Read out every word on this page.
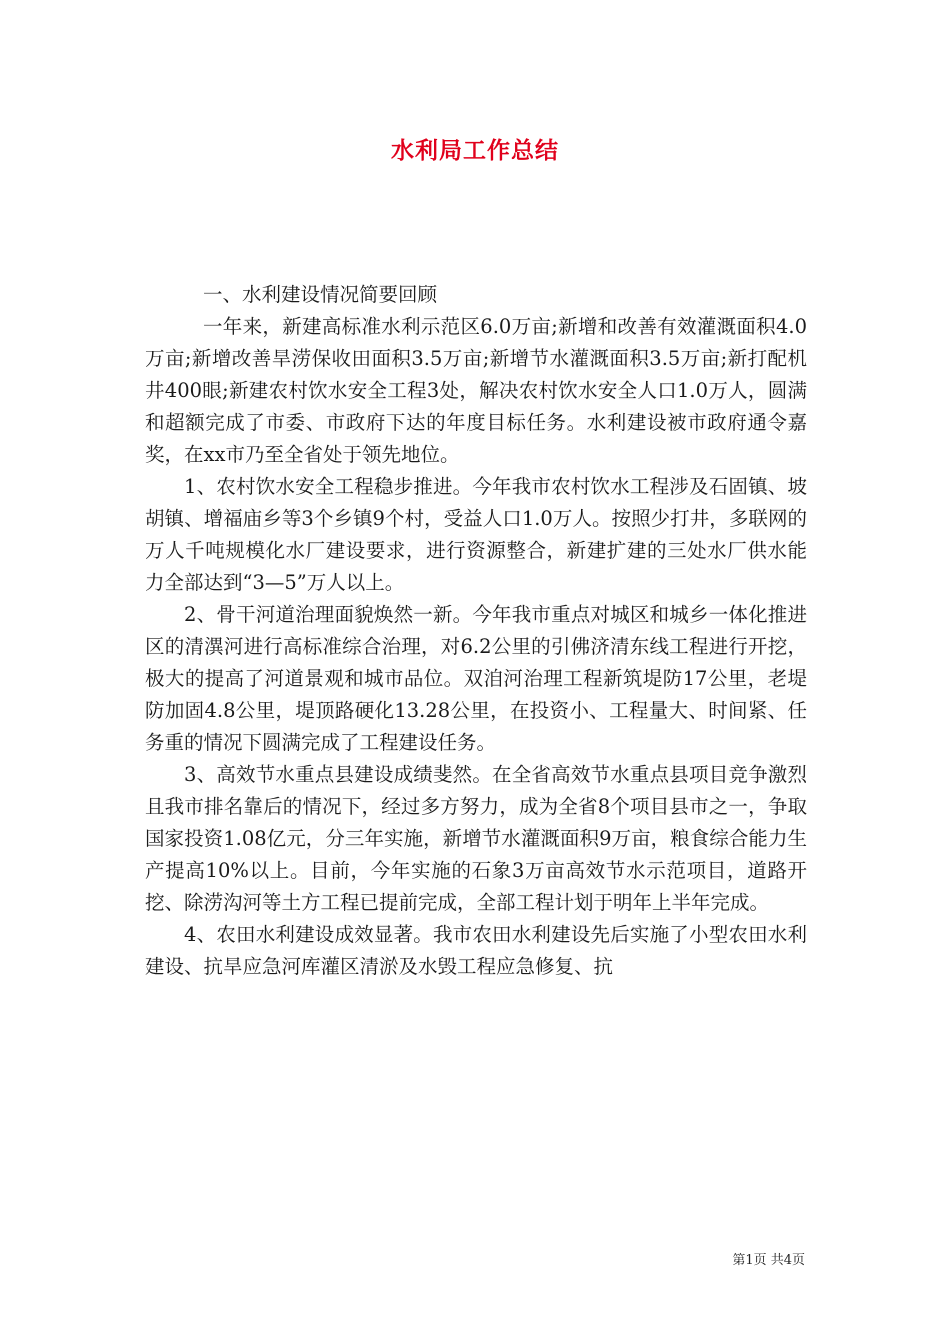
水利局工作总结

一、水利建设情况简要回顾

一年来，新建高标准水利示范区6.0万亩;新增和改善有效灌溉面积4.0万亩;新增改善旱涝保收田面积3.5万亩;新增节水灌溉面积3.5万亩;新打配机井400眼;新建农村饮水安全工程3处，解决农村饮水安全人口1.0万人，圆满和超额完成了市委、市政府下达的年度目标任务。水利建设被市政府通令嘉奖，在xx市乃至全省处于领先地位。

1、农村饮水安全工程稳步推进。今年我市农村饮水工程涉及石固镇、坡胡镇、增福庙乡等3个乡镇9个村，受益人口1.0万人。按照少打井，多联网的万人千吨规模化水厂建设要求，进行资源整合，新建扩建的三处水厂供水能力全部达到“3—5”万人以上。

2、骨干河道治理面貌焕然一新。今年我市重点对城区和城乡一体化推进区的清潩河进行高标准综合治理，对6.2公里的引佛济清东线工程进行开挖，极大的提高了河道景观和城市品位。双洎河治理工程新筑堤防17公里，老堤防加固4.8公里，堤顶路硬化13.28公里，在投资小、工程量大、时间紧、任务重的情况下圆满完成了工程建设任务。

3、高效节水重点县建设成绩斐然。在全省高效节水重点县项目竞争激烈且我市排名靠后的情况下，经过多方努力，成为全省8个项目县市之一，争取国家投资1.08亿元，分三年实施，新增节水灌溉面积9万亩，粮食综合能力生产提高10%以上。目前，今年实施的石象3万亩高效节水示范项目，道路开挖、除涝沟河等土方工程已提前完成，全部工程计划于明年上半年完成。

4、农田水利建设成效显著。我市农田水利建设先后实施了小型农田水利建设、抗旱应急河库灌区清淤及水毁工程应急修复、抗

第1页 共4页
